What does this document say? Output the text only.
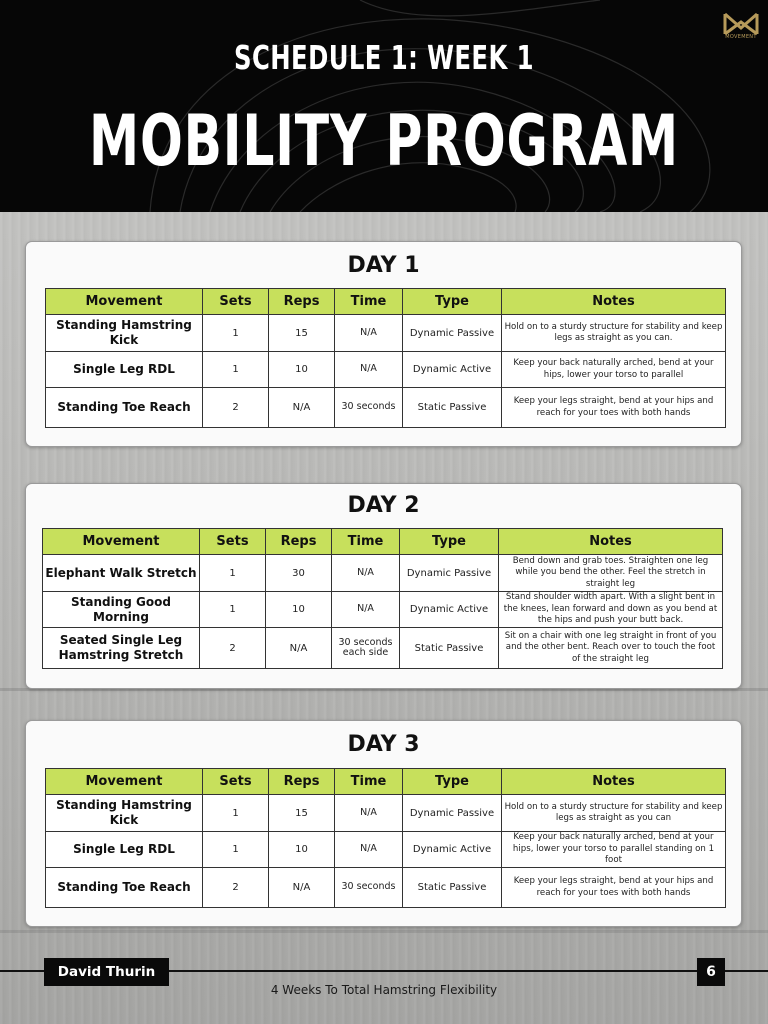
SCHEDULE 1: WEEK 1
MOBILITY PROGRAM
MOVEMENT
DAY 1
Movement	Sets	Reps	Time	Type	Notes
Standing Hamstring Kick	1	15	N/A	Dynamic Passive	Hold on to a sturdy structure for stability and keep legs as straight as you can.
Single Leg RDL	1	10	N/A	Dynamic Active	Keep your back naturally arched, bend at your hips, lower your torso to parallel
Standing Toe Reach	2	N/A	30 seconds	Static Passive	Keep your legs straight, bend at your hips and reach for your toes with both hands
DAY 2
Movement	Sets	Reps	Time	Type	Notes
Elephant Walk Stretch	1	30	N/A	Dynamic Passive	Bend down and grab toes. Straighten one leg while you bend the other. Feel the stretch in straight leg
Standing Good Morning	1	10	N/A	Dynamic Active	Stand shoulder width apart. With a slight bent in the knees, lean forward and down as you bend at the hips and push your butt back.
Seated Single Leg Hamstring Stretch	2	N/A	30 seconds each side	Static Passive	Sit on a chair with one leg straight in front of you and the other bent. Reach over to touch the foot of the straight leg
DAY 3
Movement	Sets	Reps	Time	Type	Notes
Standing Hamstring Kick	1	15	N/A	Dynamic Passive	Hold on to a sturdy structure for stability and keep legs as straight as you can
Single Leg RDL	1	10	N/A	Dynamic Active	Keep your back naturally arched, bend at your hips, lower your torso to parallel standing on 1 foot
Standing Toe Reach	2	N/A	30 seconds	Static Passive	Keep your legs straight, bend at your hips and reach for your toes with both hands
David Thurin	6
4 Weeks To Total Hamstring Flexibility
